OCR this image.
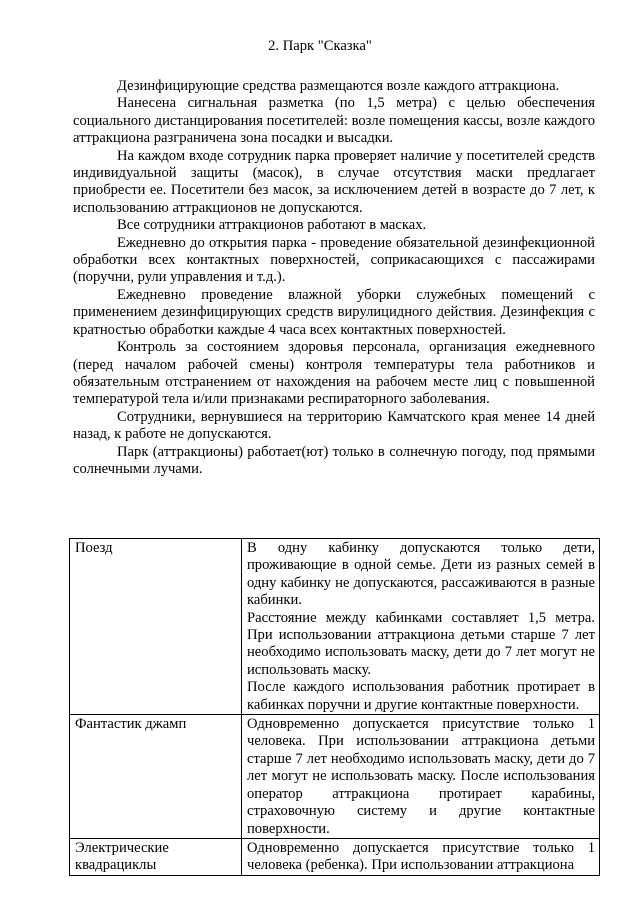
2. Парк "Сказка"

Дезинфицирующие средства размещаются возле каждого аттракциона.

Нанесена сигнальная разметка (по 1,5 метра) с целью обеспечения социального дистанцирования посетителей: возле помещения кассы, возле каждого аттракциона разграничена зона посадки и высадки.

На каждом входе сотрудник парка проверяет наличие у посетителей средств индивидуальной защиты (масок), в случае отсутствия маски предлагает приобрести ее. Посетители без масок, за исключением детей в возрасте до 7 лет, к использованию аттракционов не допускаются.

Все сотрудники аттракционов работают в масках.

Ежедневно до открытия парка - проведение обязательной дезинфекционной обработки всех контактных поверхностей, соприкасающихся с пассажирами (поручни, рули управления и т.д.).

Ежедневно проведение влажной уборки служебных помещений с применением дезинфицирующих средств вирулицидного действия. Дезинфекция с кратностью обработки каждые 4 часа всех контактных поверхностей.

Контроль за состоянием здоровья персонала, организация ежедневного (перед началом рабочей смены) контроля температуры тела работников и обязательным отстранением от нахождения на рабочем месте лиц с повышенной температурой тела и/или признаками респираторного заболевания.

Сотрудники, вернувшиеся на территорию Камчатского края менее 14 дней назад, к работе не допускаются.

Парк (аттракционы) работает(ют) только в солнечную погоду, под прямыми солнечными лучами.

Поезд	В одну кабинку допускаются только дети, проживающие в одной семье. Дети из разных семей в одну кабинку не допускаются, рассаживаются в разные кабинки.
Расстояние между кабинками составляет 1,5 метра. При использовании аттракциона детьми старше 7 лет необходимо использовать маску, дети до 7 лет могут не использовать маску.
После каждого использования работник протирает в кабинках поручни и другие контактные поверхности.

Фантастик джамп	Одновременно допускается присутствие только 1 человека. При использовании аттракциона детьми старше 7 лет необходимо использовать маску, дети до 7 лет могут не использовать маску. После использования оператор аттракциона протирает карабины, страховочную систему и другие контактные поверхности.

Электрические квадрациклы	Одновременно допускается присутствие только 1 человека (ребенка). При использовании аттракциона
